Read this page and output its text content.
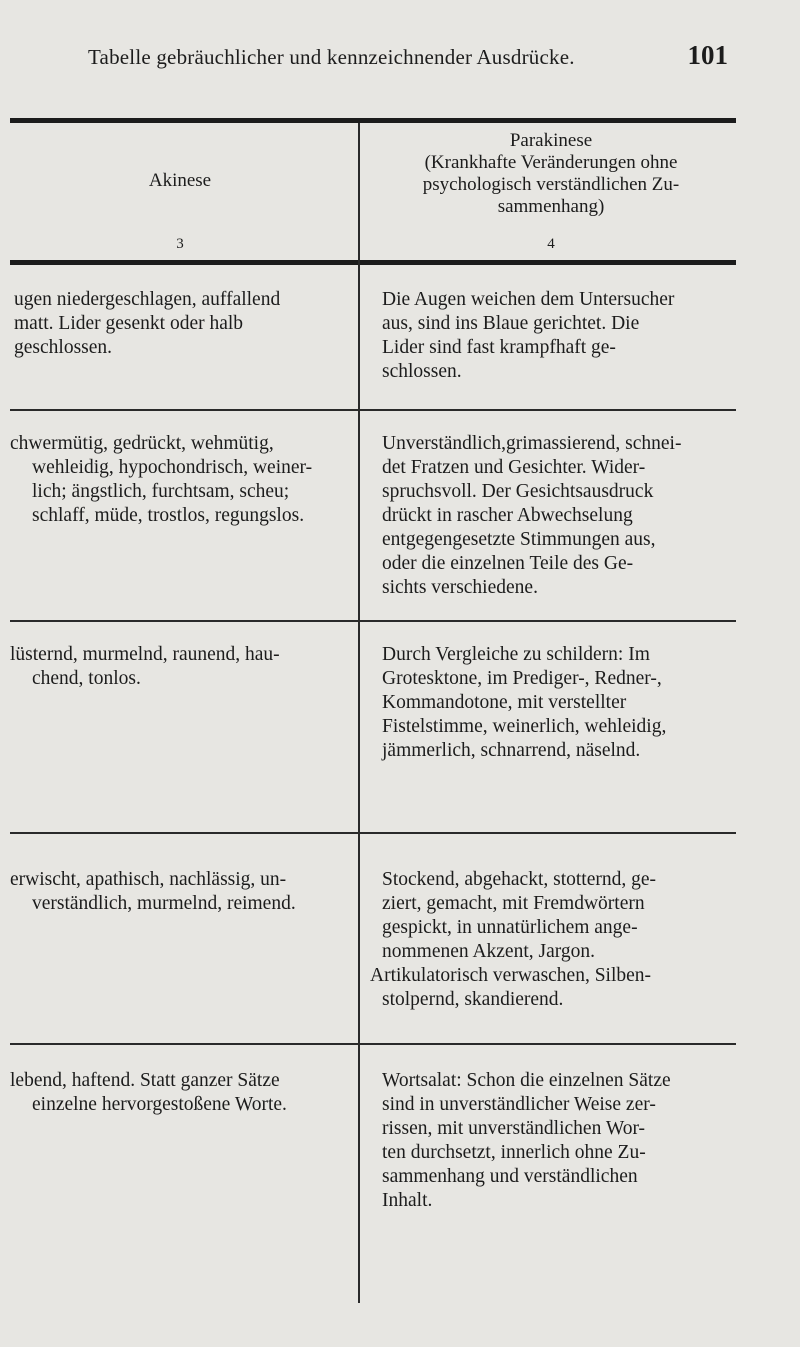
Tabelle gebräuchlicher und kennzeichnender Ausdrücke.	101
Akinese
3
Parakinese
(Krankhafte Veränderungen ohne
psychologisch verständlichen Zu-
sammenhang)
4
ugen niedergeschlagen, auffallend
matt. Lider gesenkt oder halb
geschlossen.
Die Augen weichen dem Untersucher
aus, sind ins Blaue gerichtet. Die
Lider sind fast krampfhaft ge-
schlossen.
chwermütig, gedrückt, wehmütig,
wehleidig, hypochondrisch, weiner-
lich; ängstlich, furchtsam, scheu;
schlaff, müde, trostlos, regungslos.
Unverständlich,grimassierend, schnei-
det Fratzen und Gesichter. Wider-
spruchsvoll. Der Gesichtsausdruck
drückt in rascher Abwechselung
entgegengesetzte Stimmungen aus,
oder die einzelnen Teile des Ge-
sichts verschiedene.
lüsternd, murmelnd, raunend, hau-
chend, tonlos.
Durch Vergleiche zu schildern: Im
Grotesktone, im Prediger-, Redner-,
Kommandotone, mit verstellter
Fistelstimme, weinerlich, wehleidig,
jämmerlich, schnarrend, näselnd.
erwischt, apathisch, nachlässig, un-
verständlich, murmelnd, reimend.
Stockend, abgehackt, stotternd, ge-
ziert, gemacht, mit Fremdwörtern
gespickt, in unnatürlichem ange-
nommenen Akzent, Jargon.
Artikulatorisch verwaschen, Silben-
stolpernd, skandierend.
lebend, haftend. Statt ganzer Sätze
einzelne hervorgestoßene Worte.
Wortsalat: Schon die einzelnen Sätze
sind in unverständlicher Weise zer-
rissen, mit unverständlichen Wor-
ten durchsetzt, innerlich ohne Zu-
sammenhang und verständlichen
Inhalt.
